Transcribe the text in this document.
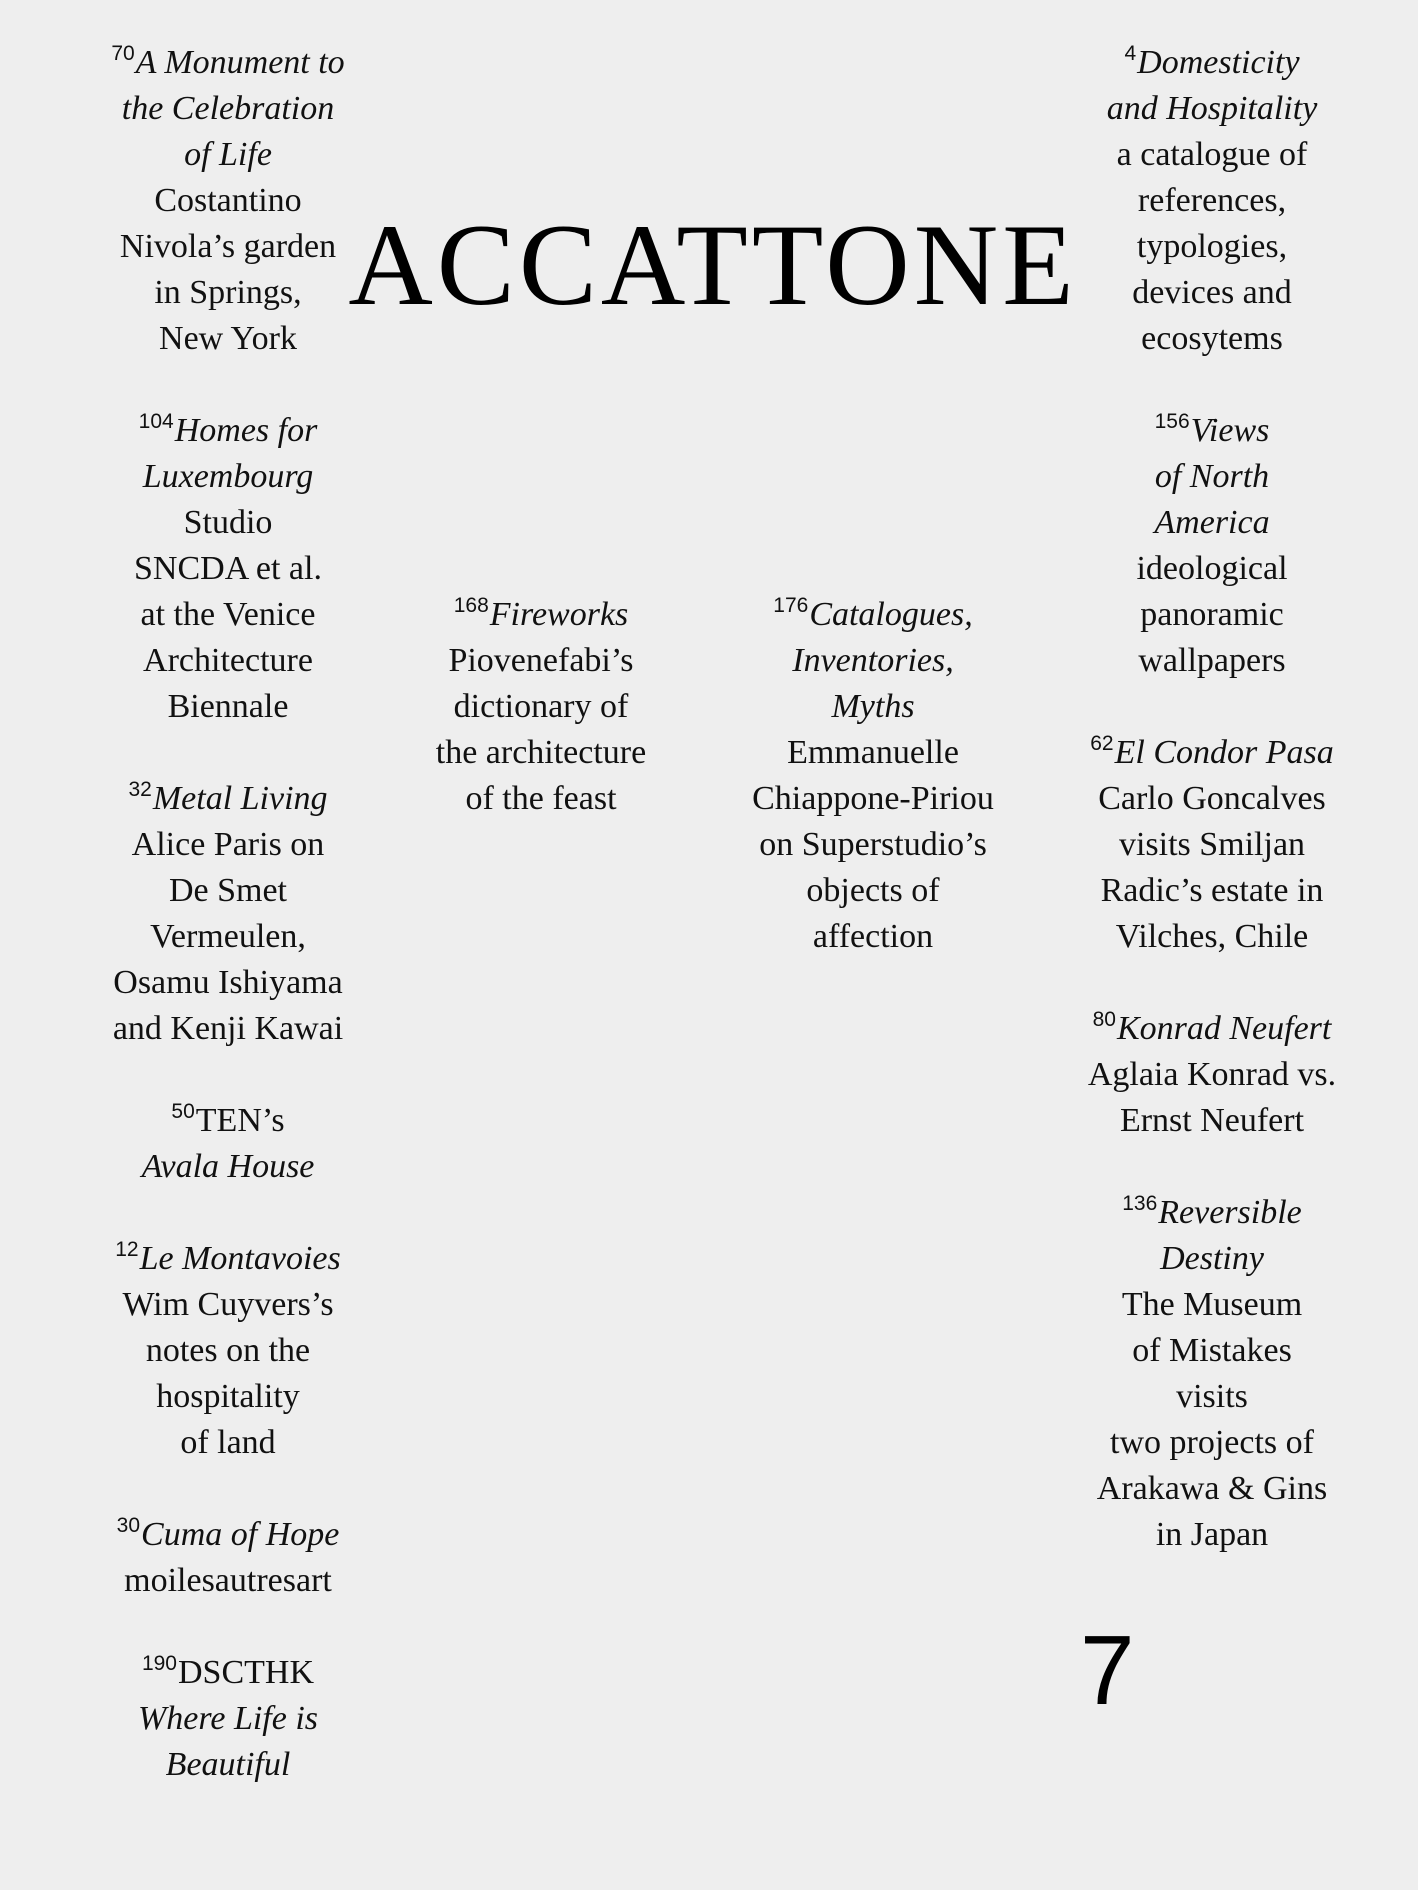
ACCATTONE
$^{70}$A Monument to
the Celebration
of Life
Costantino
Nivola’s garden
in Springs,
New York
$^{104}$Homes for
Luxembourg
Studio
SNCDA et al.
at the Venice
Architecture
Biennale
$^{32}$Metal Living
Alice Paris on
De Smet
Vermeulen,
Osamu Ishiyama
and Kenji Kawai
$^{50}$TEN’s
Avala House
$^{12}$Le Montavoies
Wim Cuyvers’s
notes on the
hospitality
of land
$^{30}$Cuma of Hope
moilesautresart
$^{190}$DSCTHK
Where Life is
Beautiful
$^{168}$Fireworks
Piovenefabi’s
dictionary of
the architecture
of the feast
$^{176}$Catalogues,
Inventories,
Myths
Emmanuelle
Chiappone-Piriou
on Superstudio’s
objects of
affection
$^4$Domesticity
and Hospitality
a catalogue of
references,
typologies,
devices and
ecosytems
$^{156}$Views
of North
America
ideological
panoramic
wallpapers
$^{62}$El Condor Pasa
Carlo Goncalves
visits Smiljan
Radic’s estate in
Vilches, Chile
$^{80}$Konrad Neufert
Aglaia Konrad vs.
Ernst Neufert
$^{136}$Reversible
Destiny
The Museum
of Mistakes
visits
two projects of
Arakawa & Gins
in Japan
7
